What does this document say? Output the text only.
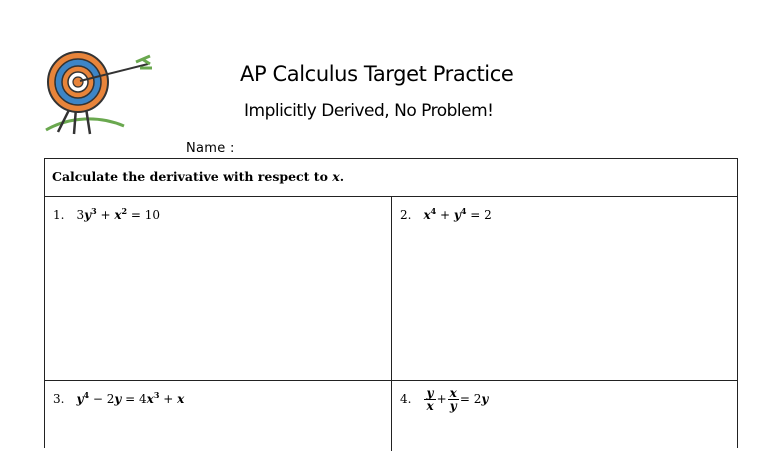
AP Calculus Target Practice
Implicitly Derived, No Problem!
Name :
Calculate the derivative with respect to x.
1. $3y^3 + x^2 = 10$	2. $x^4 + y^4 = 2$
3. $y^4 - 2y = 4x^3 + x$	4. $\frac{y}{x} + \frac{x}{y} = 2y$
